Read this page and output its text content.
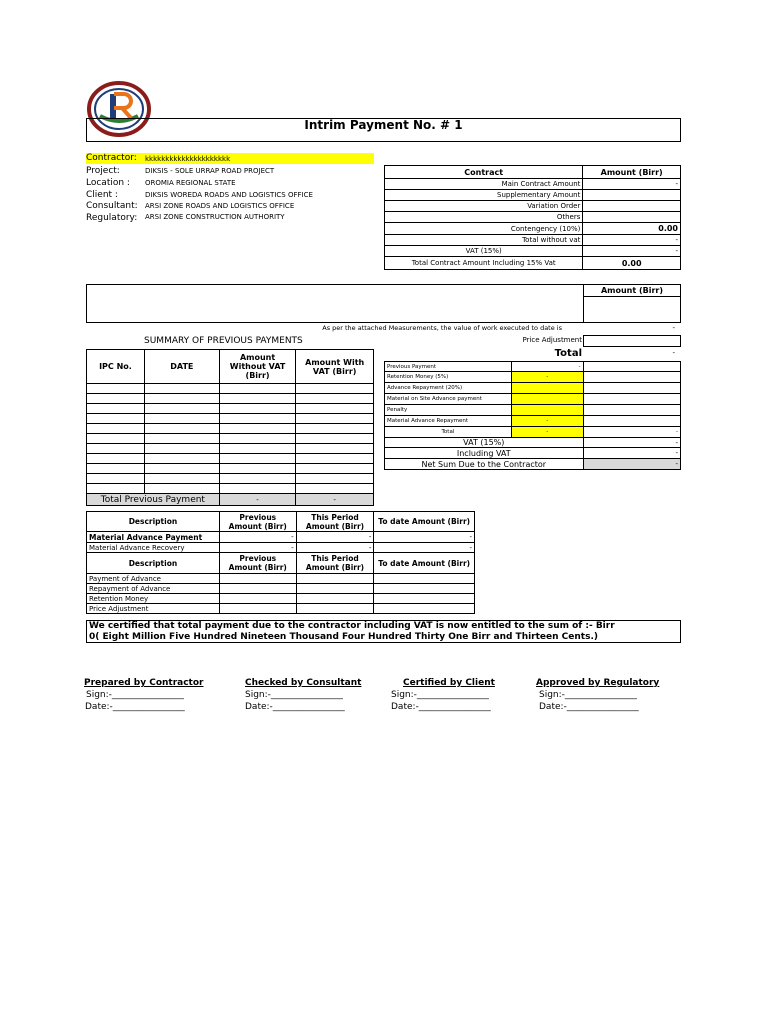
Intrim Payment No. # 1
Contractor: kkkkkkkkkkkkkkkkkkkkk
Project:	DIKSIS - SOLE URRAP ROAD PROJECT
Location : OROMIA REGIONAL STATE
Client :	DIKSIS WOREDA ROADS AND LOGISTICS OFFICE
Consultant: ARSI ZONE ROADS AND LOGISTICS OFFICE
Regulatory: ARSI ZONE CONSTRUCTION AUTHORITY
Contract	Amount (Birr)
Main Contract Amount	-
Supplementary Amount	
Variation Order	
Others	
Contengency (10%)	0.00
Total without vat	-
VAT (15%)	-
Total Contract Amount Including 15% Vat	0.00
Amount (Birr)
As per the attached Measurements, the value of work executed to date is	-
Price Adjustment
Total	-
Previous Payment	-	
Retention Money (5%)	-	
Advance Repayment (20%)		
Material on Site Advance payment		
Penalty		
Material Advance Repayment	-	
Total	-	-
VAT (15%)		-
Including VAT		-
Net Sum Due to the Contractor		-
SUMMARY OF PREVIOUS PAYMENTS
IPC No.	DATE	Amount Without VAT (Birr)	Amount With VAT (Birr)

Total Previous Payment		-	-
Description	Previous Amount (Birr)	This Period Amount (Birr)	To date Amount (Birr)
Material Advance Payment	-	-	-
Material Advance Recovery	-	-	-
Description	Previous Amount (Birr)	This Period Amount (Birr)	To date Amount (Birr)
Payment of Advance			
Repayment of Advance			
Retention Money			
Price Adjustment			
We certified that total payment due to the contractor including VAT is now entitled to the sum of :- Birr
0( Eight Million Five Hundred Nineteen Thousand Four Hundred Thirty One Birr and Thirteen Cents.)
Prepared by Contractor
Sign:-________________
Date:-________________
Checked by Consultant
Sign:-________________
Date:-________________
Certified by Client
Sign:-________________
Date:-________________
Approved by Regulatory
Sign:-________________
Date:-________________
